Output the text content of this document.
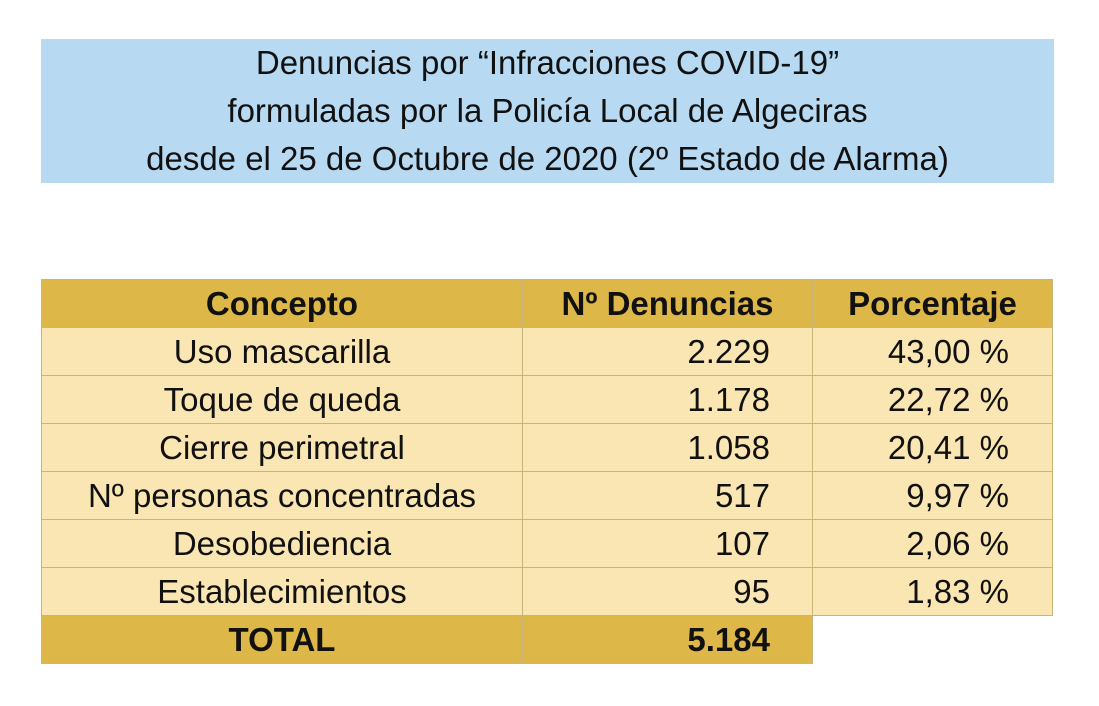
Denuncias por “Infracciones COVID-19”
formuladas por la Policía Local de Algeciras
desde el 25 de Octubre de 2020 (2º Estado de Alarma)
Concepto	Nº Denuncias	Porcentaje
Uso mascarilla	2.229	43,00 %
Toque de queda	1.178	22,72 %
Cierre perimetral	1.058	20,41 %
Nº personas concentradas	517	9,97 %
Desobediencia	107	2,06 %
Establecimientos	95	1,83 %
TOTAL	5.184	
